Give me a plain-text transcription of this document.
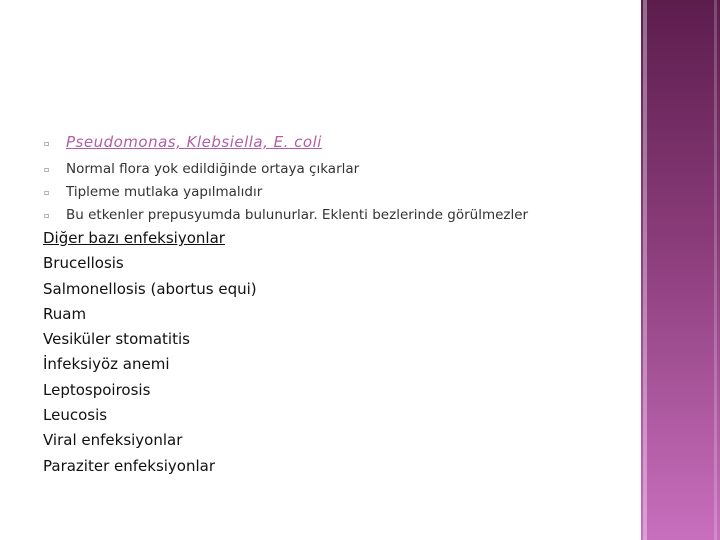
▫ Pseudomonas, Klebsiella, E. coli
▫ Normal flora yok edildiğinde ortaya çıkarlar
▫ Tipleme mutlaka yapılmalıdır
▫ Bu etkenler prepusyumda bulunurlar. Eklenti bezlerinde görülmezler
Diğer bazı enfeksiyonlar
Brucellosis
Salmonellosis (abortus equi)
Ruam
Vesiküler stomatitis
İnfeksiyöz anemi
Leptospoirosis
Leucosis
Viral enfeksiyonlar
Paraziter enfeksiyonlar
